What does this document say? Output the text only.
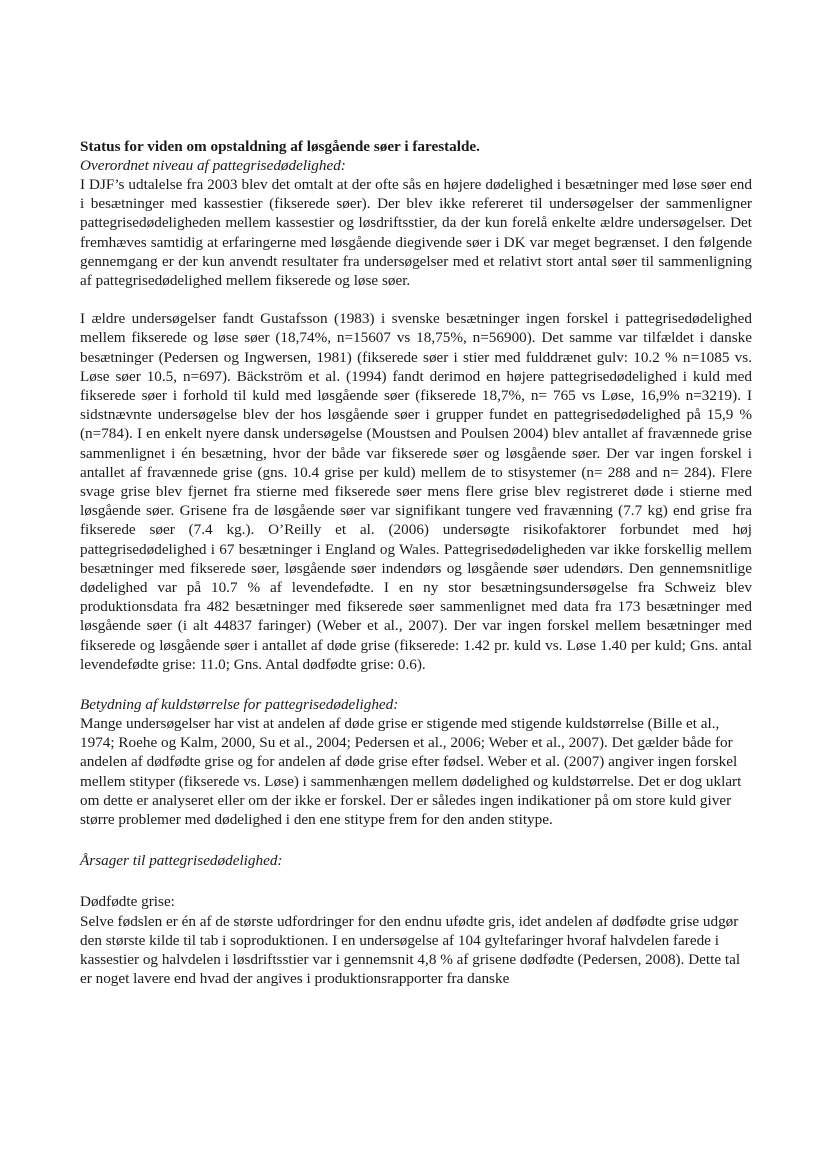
Status for viden om opstaldning af løsgående søer i farestalde.

Overordnet niveau af pattegrisedødelighed:

I DJF’s udtalelse fra 2003 blev det omtalt at der ofte sås en højere dødelighed i besætninger med løse søer end i besætninger med kassestier (fikserede søer). Der blev ikke refereret til undersøgelser der sammenligner pattegrisedødeligheden mellem kassestier og løsdriftsstier, da der kun forelå enkelte ældre undersøgelser. Det fremhæves samtidig at erfaringerne med løsgående diegivende søer i DK var meget begrænset. I den følgende gennemgang er der kun anvendt resultater fra undersøgelser med et relativt stort antal søer til sammenligning af pattegrisedødelighed mellem fikserede og løse søer.

I ældre undersøgelser fandt Gustafsson (1983) i svenske besætninger ingen forskel i pattegrisedødelighed mellem fikserede og løse søer (18,74%, n=15607 vs 18,75%, n=56900). Det samme var tilfældet i danske besætninger (Pedersen og Ingwersen, 1981) (fikserede søer i stier med fulddrænet gulv: 10.2 % n=1085 vs. Løse søer 10.5, n=697). Bäckström et al. (1994) fandt derimod en højere pattegrisedødelighed i kuld med fikserede søer i forhold til kuld med løsgående søer (fikserede 18,7%, n= 765 vs Løse, 16,9% n=3219). I sidstnævnte undersøgelse blev der hos løsgående søer i grupper fundet en pattegrisedødelighed på 15,9 % (n=784). I en enkelt nyere dansk undersøgelse (Moustsen and Poulsen 2004) blev antallet af fravænnede grise sammenlignet i én besætning, hvor der både var fikserede søer og løsgående søer. Der var ingen forskel i antallet af fravænnede grise (gns. 10.4 grise per kuld) mellem de to stisystemer (n= 288 and n= 284). Flere svage grise blev fjernet fra stierne med fikserede søer mens flere grise blev registreret døde i stierne med løsgående søer. Grisene fra de løsgående søer var signifikant tungere ved fravænning (7.7 kg) end grise fra fikserede søer (7.4 kg.). O’Reilly et al. (2006) undersøgte risikofaktorer forbundet med høj pattegrisedødelighed i 67 besætninger i England og Wales. Pattegrisedødeligheden var ikke forskellig mellem besætninger med fikserede søer, løsgående søer indendørs og løsgående søer udendørs. Den gennemsnitlige dødelighed var på 10.7 % af levendefødte. I en ny stor besætningsundersøgelse fra Schweiz blev produktionsdata fra 482 besætninger med fikserede søer sammenlignet med data fra 173 besætninger med løsgående søer (i alt 44837 faringer) (Weber et al., 2007). Der var ingen forskel mellem besætninger med fikserede og løsgående søer i antallet af døde grise (fikserede: 1.42 pr. kuld vs. Løse 1.40 per kuld; Gns. antal levendefødte grise: 11.0; Gns. Antal dødfødte grise: 0.6).

Betydning af kuldstørrelse for pattegrisedødelighed:

Mange undersøgelser har vist at andelen af døde grise er stigende med stigende kuldstørrelse (Bille et al., 1974; Roehe og Kalm, 2000, Su et al., 2004; Pedersen et al., 2006; Weber et al., 2007). Det gælder både for andelen af dødfødte grise og for andelen af døde grise efter fødsel. Weber et al. (2007) angiver ingen forskel mellem stityper (fikserede vs. Løse) i sammenhængen mellem dødelighed og kuldstørrelse. Det er dog uklart om dette er analyseret eller om der ikke er forskel. Der er således ingen indikationer på om store kuld giver større problemer med dødelighed i den ene stitype frem for den anden stitype.

Årsager til pattegrisedødelighed:

Dødfødte grise:

Selve fødslen er én af de største udfordringer for den endnu ufødte gris, idet andelen af dødfødte grise udgør den største kilde til tab i soproduktionen. I en undersøgelse af 104 gyltefaringer hvoraf halvdelen farede i kassestier og halvdelen i løsdriftsstier var i gennemsnit 4,8 % af grisene dødfødte (Pedersen, 2008). Dette tal er noget lavere end hvad der angives i produktionsrapporter fra danske
